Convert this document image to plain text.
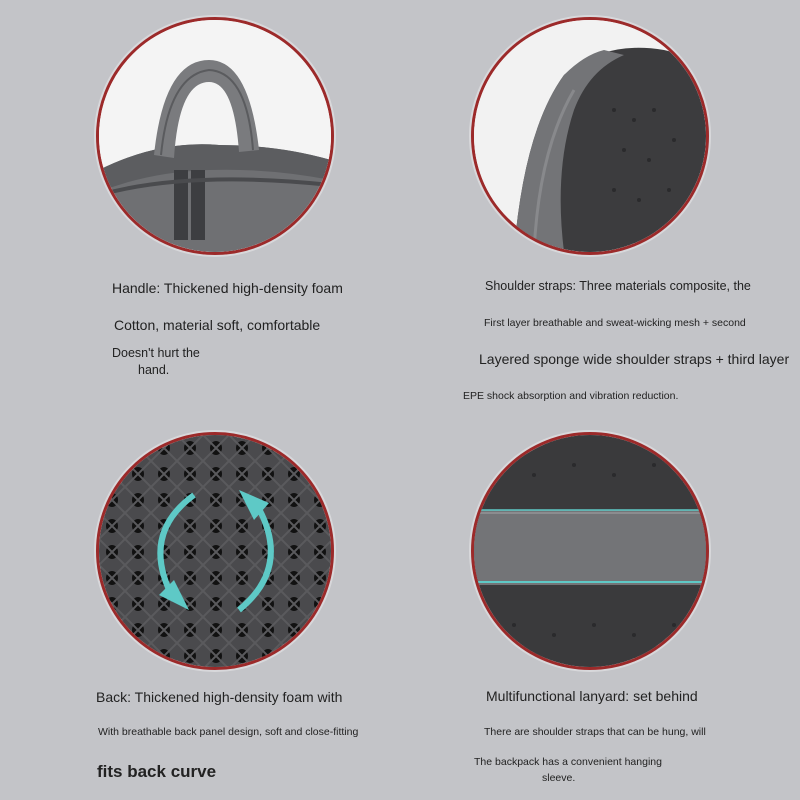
Handle: Thickened high-density foam
Cotton, material soft, comfortable
Doesn't hurt the
hand.
Shoulder straps: Three materials composite, the
First layer breathable and sweat-wicking mesh + second
Layered sponge wide shoulder straps + third layer
EPE shock absorption and vibration reduction.
Back: Thickened high-density foam with
With breathable back panel design, soft and close-fitting
fits back curve
Multifunctional lanyard: set behind
There are shoulder straps that can be hung, will
The backpack has a convenient hanging
sleeve.
